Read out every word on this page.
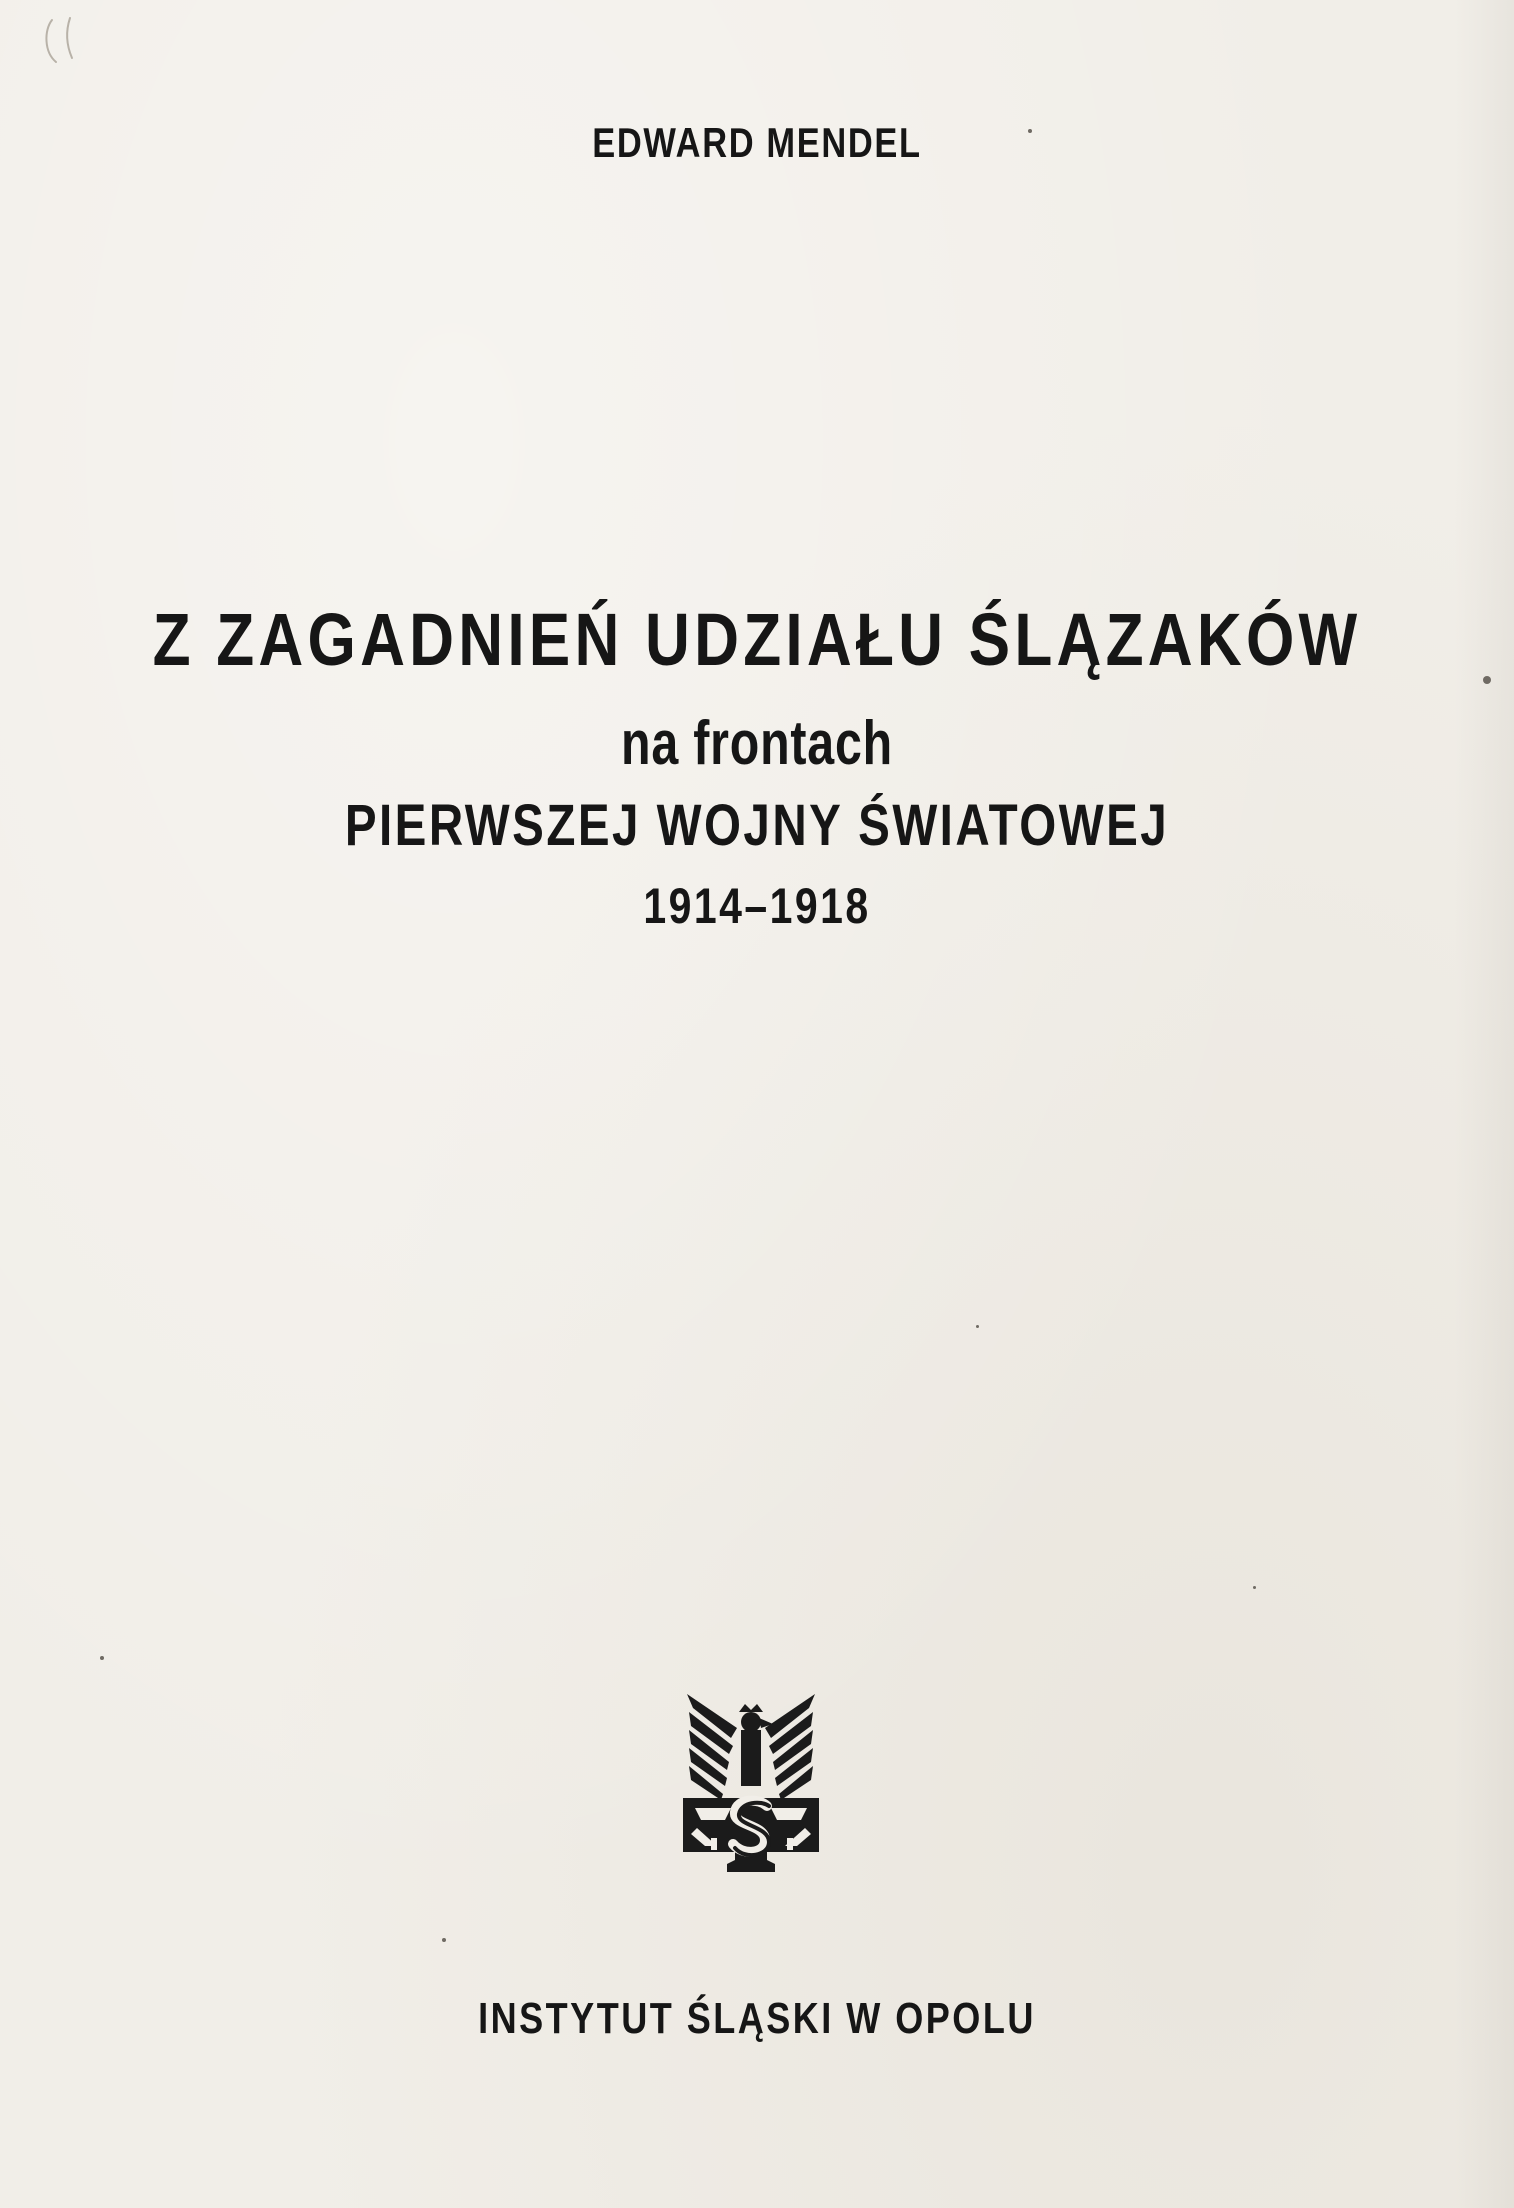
EDWARD MENDEL
Z ZAGADNIEŃ UDZIAŁU ŚLĄZAKÓW
na frontach
PIERWSZEJ WOJNY ŚWIATOWEJ
1914–1918
INSTYTUT ŚLĄSKI W OPOLU
